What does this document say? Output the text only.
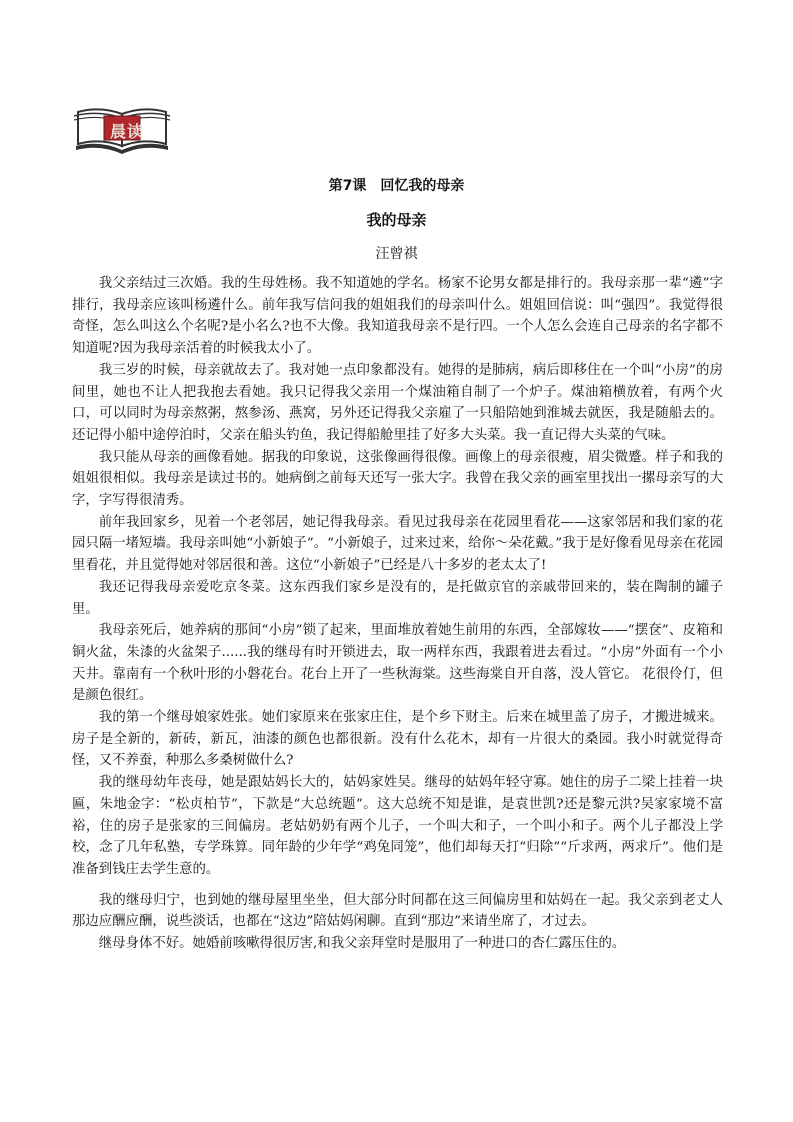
晨读
第7课 回忆我的母亲
我的母亲
汪曾祺

我父亲结过三次婚。我的生母姓杨。我不知道她的学名。杨家不论男女都是排行的。我母亲那一辈“遴”字排行，我母亲应该叫杨遴什么。前年我写信问我的姐姐我们的母亲叫什么。姐姐回信说：叫“强四”。我觉得很奇怪，怎么叫这么个名呢?是小名么?也不大像。我知道我母亲不是行四。一个人怎么会连自己母亲的名字都不知道呢?因为我母亲活着的时候我太小了。

我三岁的时候，母亲就故去了。我对她一点印象都没有。她得的是肺病，病后即移住在一个叫“小房”的房间里，她也不让人把我抱去看她。我只记得我父亲用一个煤油箱自制了一个炉子。煤油箱横放着，有两个火口，可以同时为母亲熬粥，熬参汤、燕窝，另外还记得我父亲雇了一只船陪她到淮城去就医，我是随船去的。还记得小船中途停泊时，父亲在船头钓鱼，我记得船舱里挂了好多大头菜。我一直记得大头菜的气味。

我只能从母亲的画像看她。据我的印象说，这张像画得很像。画像上的母亲很瘦，眉尖微蹙。样子和我的姐姐很相似。我母亲是读过书的。她病倒之前每天还写一张大字。我曾在我父亲的画室里找出一摞母亲写的大字，字写得很清秀。

前年我回家乡，见着一个老邻居，她记得我母亲。看见过我母亲在花园里看花——这家邻居和我们家的花园只隔一堵短墙。我母亲叫她“小新娘子”。“小新娘子，过来过来，给你～朵花戴。”我于是好像看见母亲在花园里看花，并且觉得她对邻居很和善。这位“小新娘子”已经是八十多岁的老太太了!

我还记得我母亲爱吃京冬菜。这东西我们家乡是没有的，是托做京官的亲戚带回来的，装在陶制的罐子里。

我母亲死后，她养病的那间“小房”锁了起来，里面堆放着她生前用的东西，全部嫁妆——“摆奁”、皮箱和铜火盆，朱漆的火盆架子......我的继母有时开锁进去，取一两样东西，我跟着进去看过。“小房”外面有一个小天井。靠南有一个秋叶形的小磐花台。花台上开了一些秋海棠。这些海棠自开自落，没人管它。 花很伶仃，但是颜色很红。

我的第一个继母娘家姓张。她们家原来在张家庄住，是个乡下财主。后来在城里盖了房子，才搬进城来。房子是全新的，新砖，新瓦，油漆的颜色也都很新。没有什么花木，却有一片很大的桑园。我小时就觉得奇怪，又不养蚕，种那么多桑树做什么?

我的继母幼年丧母，她是跟姑妈长大的，姑妈家姓吴。继母的姑妈年轻守寡。她住的房子二梁上挂着一块匾，朱地金字：“松贞柏节”，下款是“大总统题”。这大总统不知是谁，是袁世凯?还是黎元洪?吴家家境不富裕，住的房子是张家的三间偏房。老姑奶奶有两个儿子，一个叫大和子，一个叫小和子。两个儿子都没上学校，念了几年私塾，专学珠算。同年龄的少年学“鸡兔同笼”，他们却每天打“归除”“斤求两，两求斤”。他们是准备到钱庄去学生意的。

我的继母归宁，也到她的继母屋里坐坐，但大部分时间都在这三间偏房里和姑妈在一起。我父亲到老丈人那边应酬应酬，说些淡话，也都在“这边”陪姑妈闲聊。直到“那边”来请坐席了，才过去。

继母身体不好。她婚前咳嗽得很厉害,和我父亲拜堂时是服用了一种进口的杏仁露压住的。
